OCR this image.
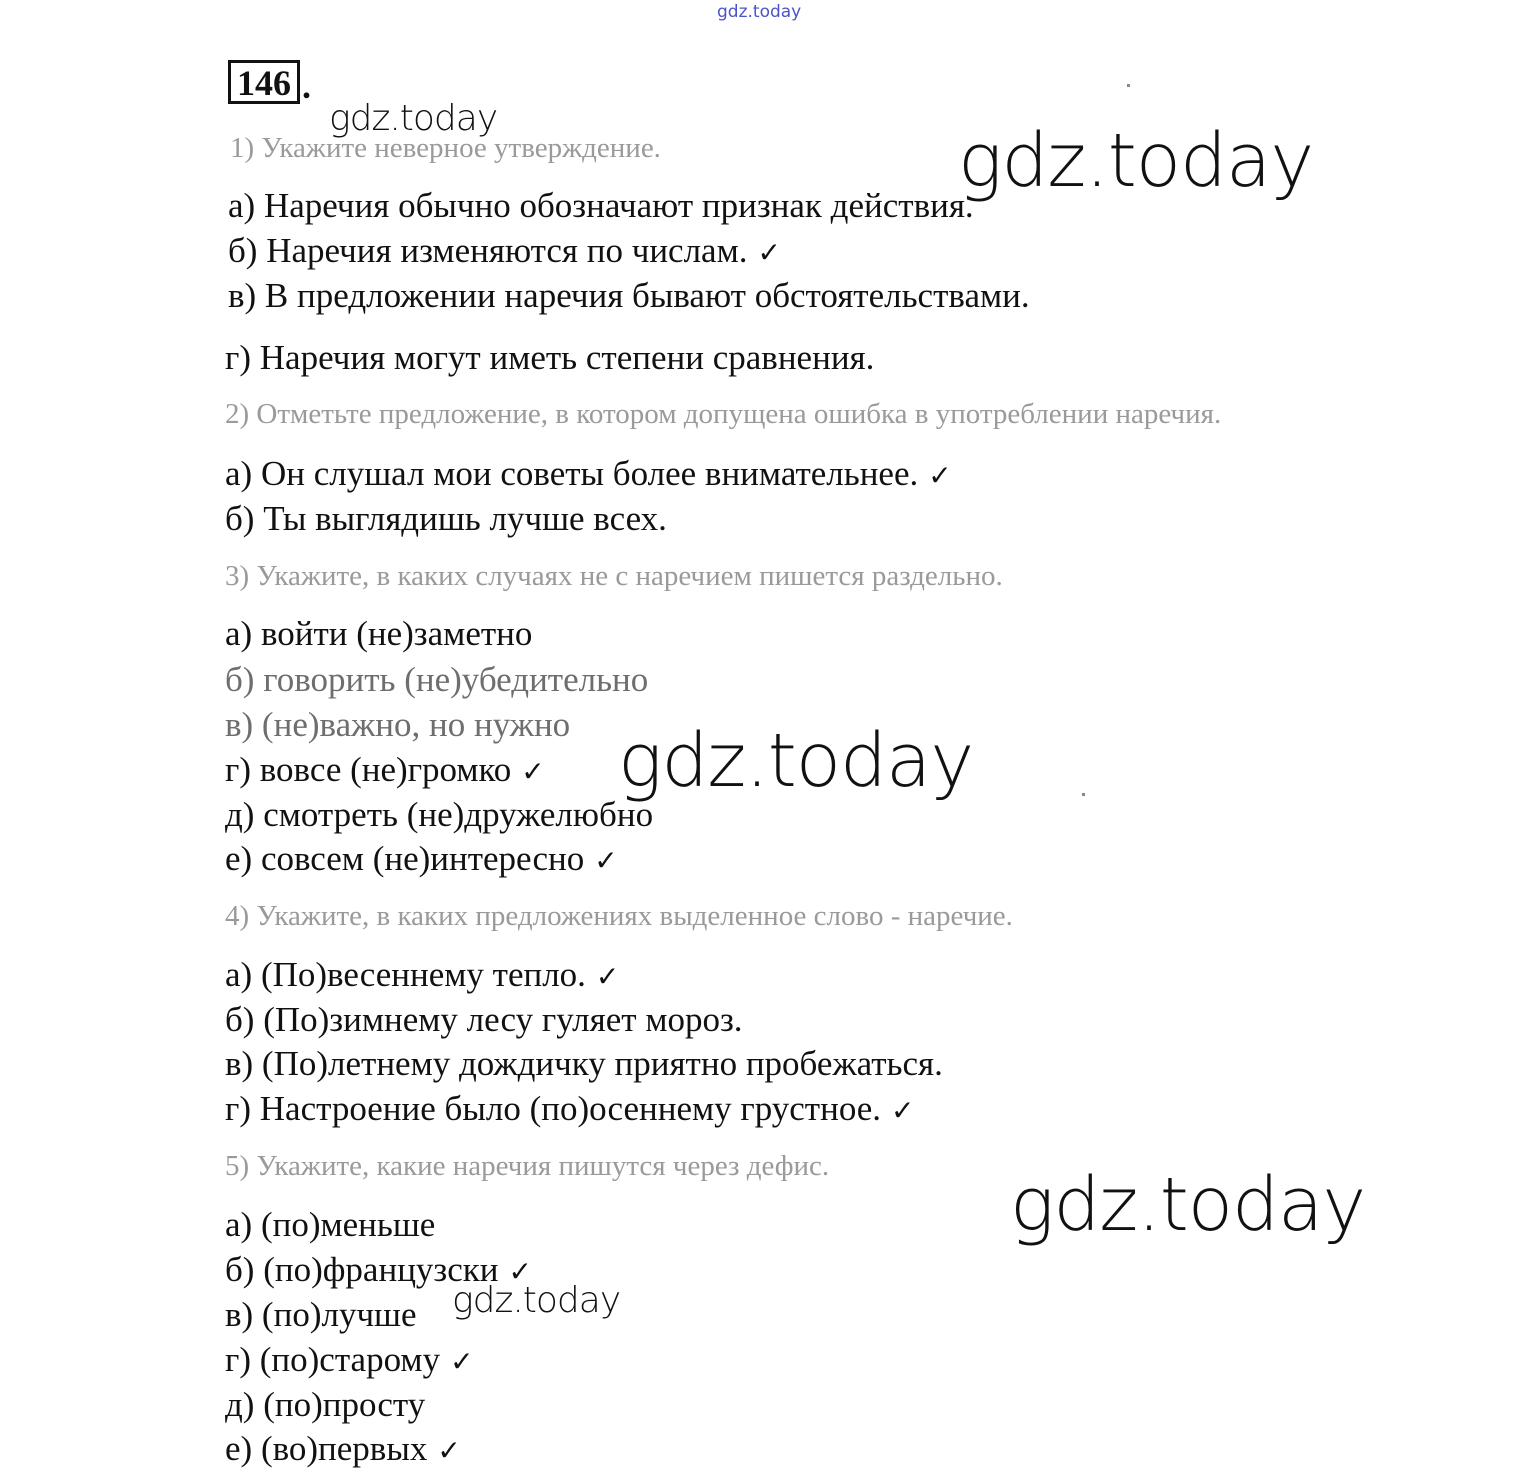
gdz.today
146 .
gdz.today	gdz.today
gdz.today
gdz.today
gdz.today
1) Укажите неверное утверждение.
а) Наречия обычно обозначают признак действия.
б) Наречия изменяются по числам. ✓
в) В предложении наречия бывают обстоятельствами.
г) Наречия могут иметь степени сравнения.
2) Отметьте предложение, в котором допущена ошибка в употреблении наречия.
а) Он слушал мои советы более внимательнее. ✓
б) Ты выглядишь лучше всех.
3) Укажите, в каких случаях не с наречием пишется раздельно.
а) войти (не)заметно
б) говорить (не)убедительно
в) (не)важно, но нужно
г) вовсе (не)громко ✓
д) смотреть (не)дружелюбно
е) совсем (не)интересно ✓
4) Укажите, в каких предложениях выделенное слово - наречие.
а) (По)весеннему тепло. ✓
б) (По)зимнему лесу гуляет мороз.
в) (По)летнему дождичку приятно пробежаться.
г) Настроение было (по)осеннему грустное. ✓
5) Укажите, какие наречия пишутся через дефис.
а) (по)меньше
б) (по)французски ✓
в) (по)лучше
г) (по)старому ✓
д) (по)просту
е) (во)первых ✓
